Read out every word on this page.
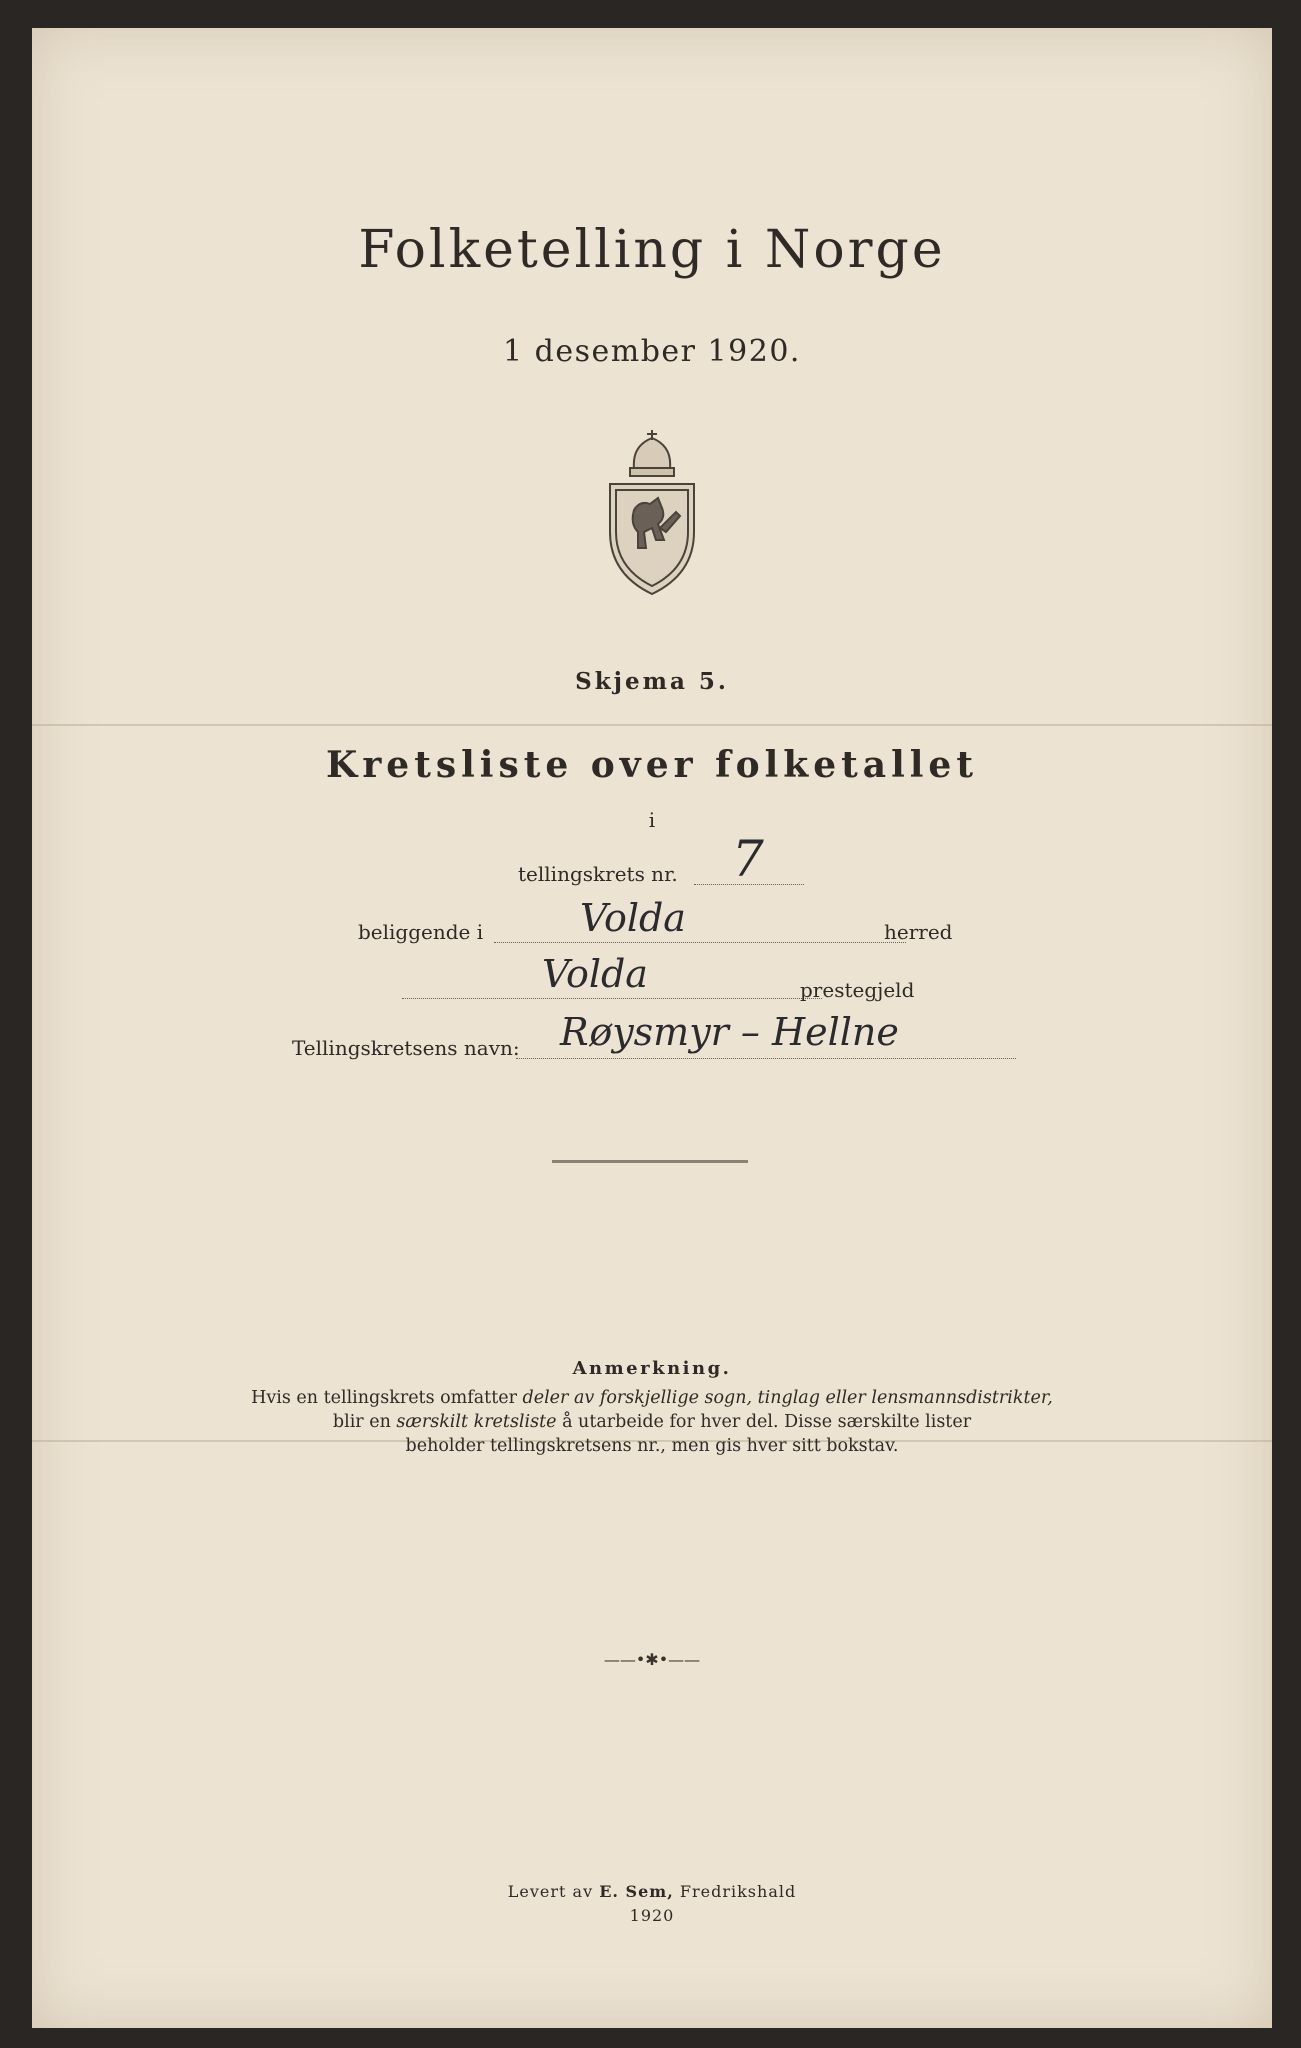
Folketelling i Norge
1 desember 1920.
Skjema 5.
Kretsliste over folketallet
i
tellingskrets nr. 7
beliggende i	Volda	herred
Volda	prestegjeld
Tellingskretsens navn: Røysmyr – Hellne
Anmerkning.
Hvis en tellingskrets omfatter deler av forskjellige sogn, tinglag eller lensmannsdistrikter,
blir en særskilt kretsliste å utarbeide for hver del. Disse særskilte lister
beholder tellingskretsens nr., men gis hver sitt bokstav.
——•✱•——
Levert av E. Sem, Fredrikshald
1920
